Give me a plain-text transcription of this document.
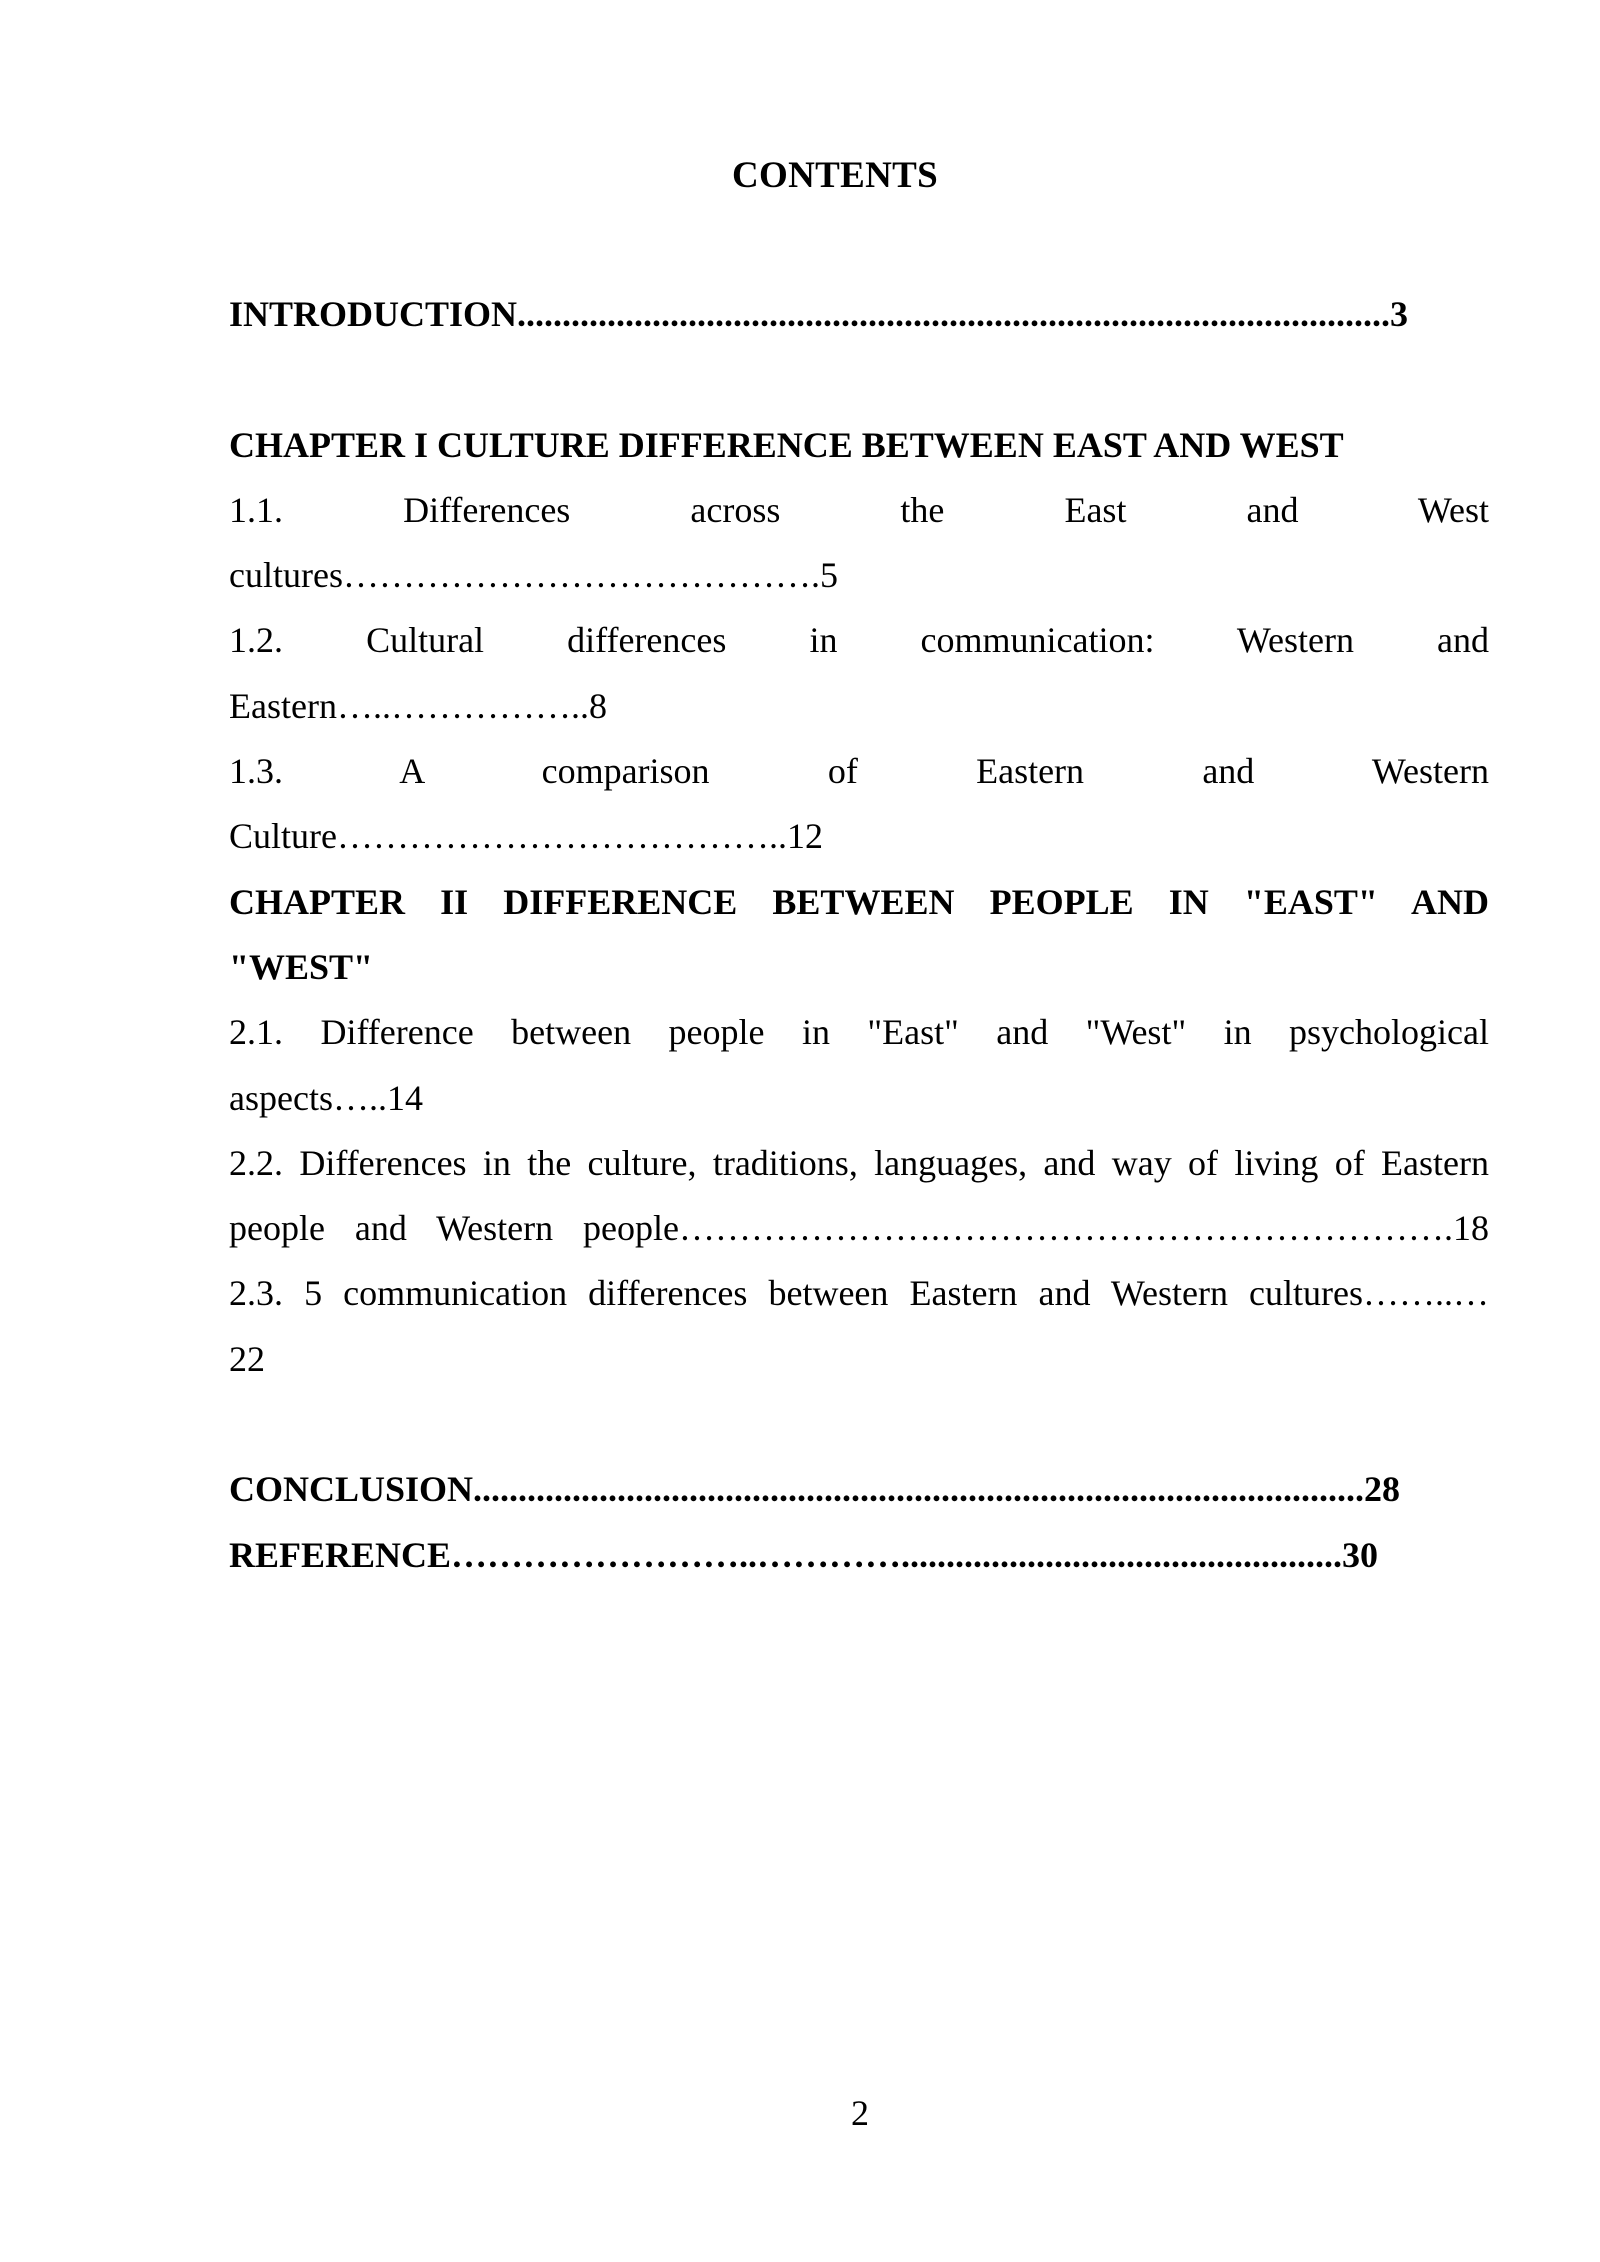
CONTENTS
INTRODUCTION.................................................................................................3
CHAPTER I CULTURE DIFFERENCE BETWEEN EAST AND WEST
1.1. Differences across the East and West
cultures………………………………….5
1.2. Cultural differences in communication: Western and
Eastern…..……………..8
1.3. A comparison of Eastern and Western
Culture………………………………..12
CHAPTER II DIFFERENCE BETWEEN PEOPLE IN "EAST" AND
"WEST"
2.1. Difference between people in "East" and "West" in psychological
aspects…..14
2.2. Differences in the culture, traditions, languages, and way of living of Eastern
people and Western people………………….…………………………………….18
2.3. 5 communication differences between Eastern and Western cultures……..…
22
CONCLUSION...................................................................................................28
REFERENCE……………………..………….................................................30
2
